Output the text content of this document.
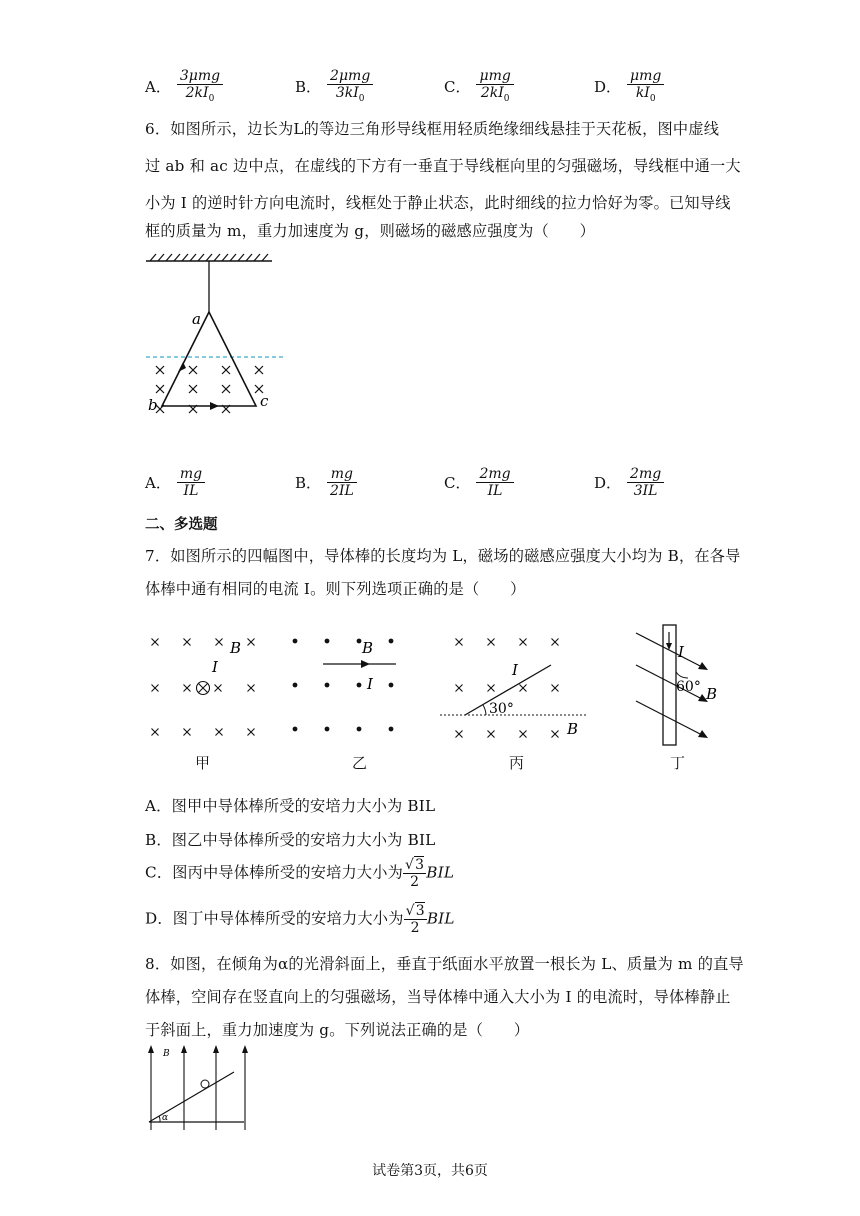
A． $\frac{\text{3μmg}}{2kI_0}$	B． $\frac{\text{2μmg}}{3kI_0}$	C． $\frac{\text{μmg}}{2kI_0}$	D． $\frac{\text{μmg}}{kI_0}$
6．如图所示，边长为L的等边三角形导线框用轻质绝缘细线悬挂于天花板，图中虚线
过 ab 和 ac 边中点，在虚线的下方有一垂直于导线框向里的匀强磁场，导线框中通一大
小为 I 的逆时针方向电流时，线框处于静止状态，此时细线的拉力恰好为零。已知导线
框的质量为 m，重力加速度为 g，则磁场的磁感应强度为（　　）
a
b	c
A． $\frac{mg}{IL}$	B． $\frac{mg}{2IL}$	C． $\frac{2mg}{IL}$	D． $\frac{2mg}{3IL}$
二、多选题
7．如图所示的四幅图中，导体棒的长度均为 L，磁场的磁感应强度大小均为 B，在各导
体棒中通有相同的电流 I。则下列选项正确的是（　　）
B
I
B
I
30°
I
B
I
60° B
甲	乙	丙	丁
A．图甲中导体棒所受的安培力大小为 BIL
B．图乙中导体棒所受的安培力大小为 BIL
C．图丙中导体棒所受的安培力大小为 $\frac{√3}{2}$ BIL
D．图丁中导体棒所受的安培力大小为 $\frac{√3}{2}$ BIL
8．如图，在倾角为α的光滑斜面上，垂直于纸面水平放置一根长为 L、质量为 m 的直导
体棒，空间存在竖直向上的匀强磁场，当导体棒中通入大小为 I 的电流时，导体棒静止
于斜面上，重力加速度为 g。下列说法正确的是（　　）
B
α
试卷第3页，共6页
